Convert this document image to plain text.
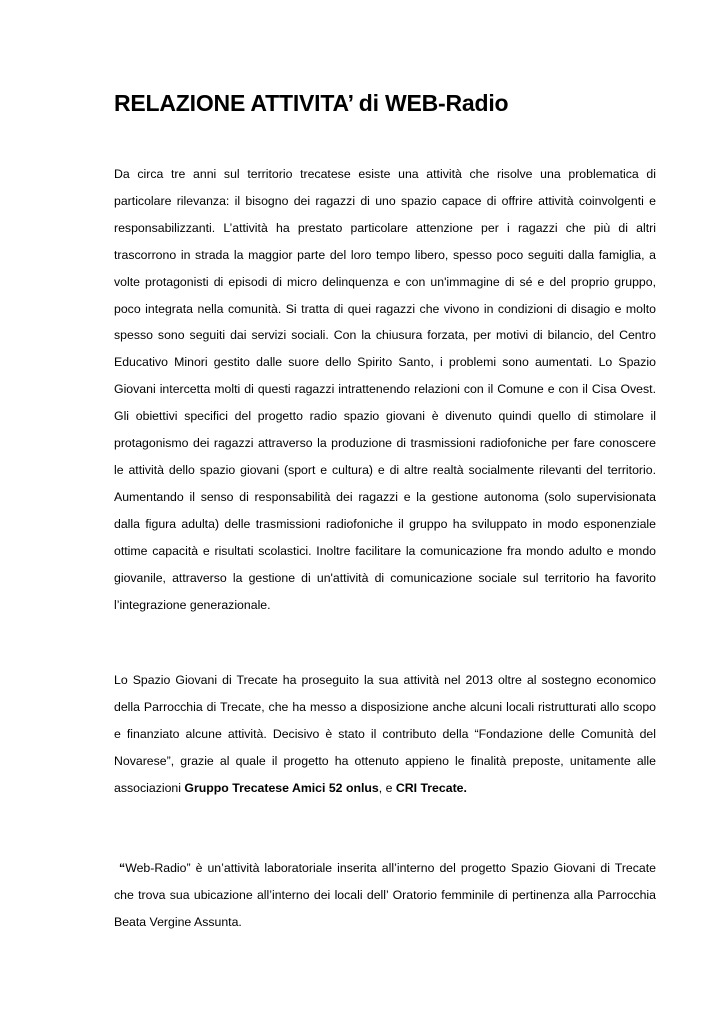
RELAZIONE ATTIVITA’ di WEB-Radio

Da circa tre anni sul territorio trecatese esiste una attività che risolve una problematica di particolare rilevanza: il bisogno dei ragazzi di uno spazio capace di offrire attività coinvolgenti e responsabilizzanti. L’attività ha prestato particolare attenzione per i ragazzi che più di altri trascorrono in strada la maggior parte del loro tempo libero, spesso poco seguiti dalla famiglia, a volte protagonisti di episodi di micro delinquenza e con un'immagine di sé e del proprio gruppo, poco integrata nella comunità. Si tratta di quei ragazzi che vivono in condizioni di disagio e molto spesso sono seguiti dai servizi sociali. Con la chiusura forzata, per motivi di bilancio, del Centro Educativo Minori gestito dalle suore dello Spirito Santo, i problemi sono aumentati. Lo Spazio Giovani intercetta molti di questi ragazzi intrattenendo relazioni con il Comune e con il Cisa Ovest. Gli obiettivi specifici del progetto radio spazio giovani è divenuto quindi quello di stimolare il protagonismo dei ragazzi attraverso la produzione di trasmissioni radiofoniche per fare conoscere le attività dello spazio giovani (sport e cultura) e di altre realtà socialmente rilevanti del territorio. Aumentando il senso di responsabilità dei ragazzi e la gestione autonoma (solo supervisionata dalla figura adulta) delle trasmissioni radiofoniche il gruppo ha sviluppato in modo esponenziale ottime capacità e risultati scolastici. Inoltre facilitare la comunicazione fra mondo adulto e mondo giovanile, attraverso la gestione di un'attività di comunicazione sociale sul territorio ha favorito l’integrazione generazionale.

Lo Spazio Giovani di Trecate ha proseguito la sua attività nel 2013 oltre al sostegno economico della Parrocchia di Trecate, che ha messo a disposizione anche alcuni locali ristrutturati allo scopo e finanziato alcune attività. Decisivo è stato il contributo della “Fondazione delle Comunità del Novarese”, grazie al quale il progetto ha ottenuto appieno le finalità preposte, unitamente alle associazioni Gruppo Trecatese Amici 52 onlus, e CRI Trecate.

“Web-Radio” è un’attività laboratoriale inserita all’interno del progetto Spazio Giovani di Trecate che trova sua ubicazione all’interno dei locali dell’ Oratorio femminile di pertinenza alla Parrocchia Beata Vergine Assunta.
